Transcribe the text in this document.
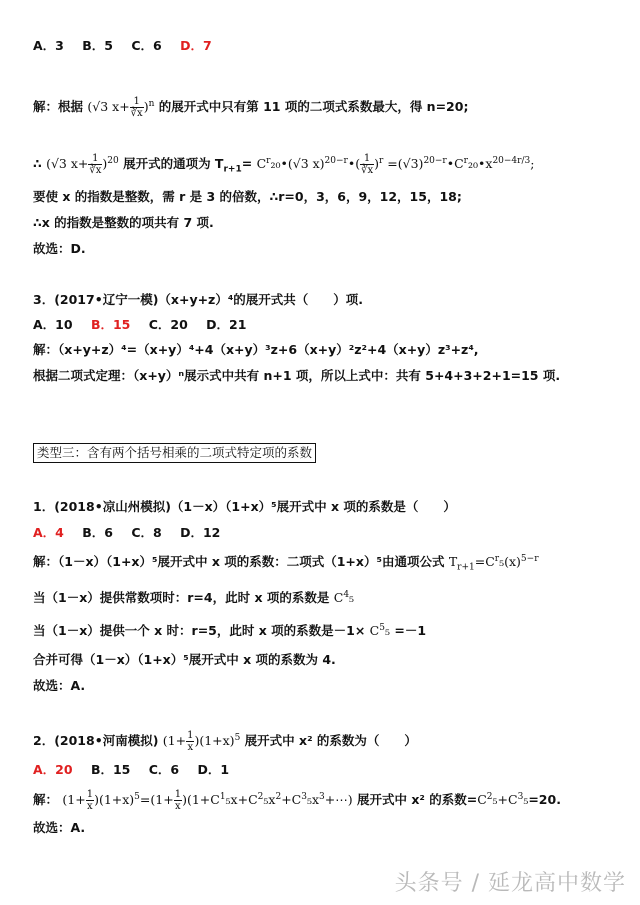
A．3 B．5 C．6 D．7
解：根据 (√3 $x+ \frac{1}{∛x} )^n$ 的展开式中只有第 11 项的二项式系数最大，得 n=20;
∴ (√3 $x+ \frac{1}{∛x} )^{20}$ 展开式的通项为 $T_{r+1}=$ $C^r_{20}•(√3$ x)$^{20-r}$•( $\frac{1}{∛x} )^r$ $=(√3)^{20-r}•C^r_{20}•x^{20-4r/3}$;
要使 x 的指数是整数，需 r 是 3 的倍数，∴r=0，3，6，9，12，15，18;
∴x 的指数是整数的项共有 7 项.
故选：D.
3．(2017•辽宁一模)（x+y+z）⁴的展开式共（　　）项.
A．10 B．15 C．20 D．21
解：（x+y+z）⁴=（x+y）⁴+4（x+y）³z+6（x+y）²z²+4（x+y）z³+z⁴,
根据二项式定理：（x+y）ⁿ展示式中共有 n+1 项，所以上式中：共有 5+4+3+2+1=15 项.
类型三：含有两个括号相乘的二项式特定项的系数
1．(2018•凉山州模拟)（1－x）（1+x）⁵展开式中 x 项的系数是（　　）
A．4 B．6 C．8 D．12
解：（1－x）（1+x）⁵展开式中 x 项的系数：二项式（1+x）⁵由通项公式 $T_{r+1}=C^r_5(x)^{5-r}$
当（1－x）提供常数项时：r=4，此时 x 项的系数是 $C^4_5$
当（1－x）提供一个 x 时：r=5，此时 x 项的系数是$-1\times C^5_5 =-1$
合并可得（1－x）（1+x）⁵展开式中 x 项的系数为 4.
故选：A.
2．(2018•河南模拟) $(1+ \frac{1}{x} )(1+x)^5$ 展开式中 x² 的系数为（　　）
A．20 B．15 C．6 D．1
解： $(1+ \frac{1}{x} )(1+x)^5=(1+ \frac{1}{x}$ )$(1+C^1_5x+C^2_5x^2+C^3_5x^3+\cdots)$ 展开式中 x² 的系数$=C^2_5+C^3_5=20$.
故选：A.
头条号 / 延龙高中数学
